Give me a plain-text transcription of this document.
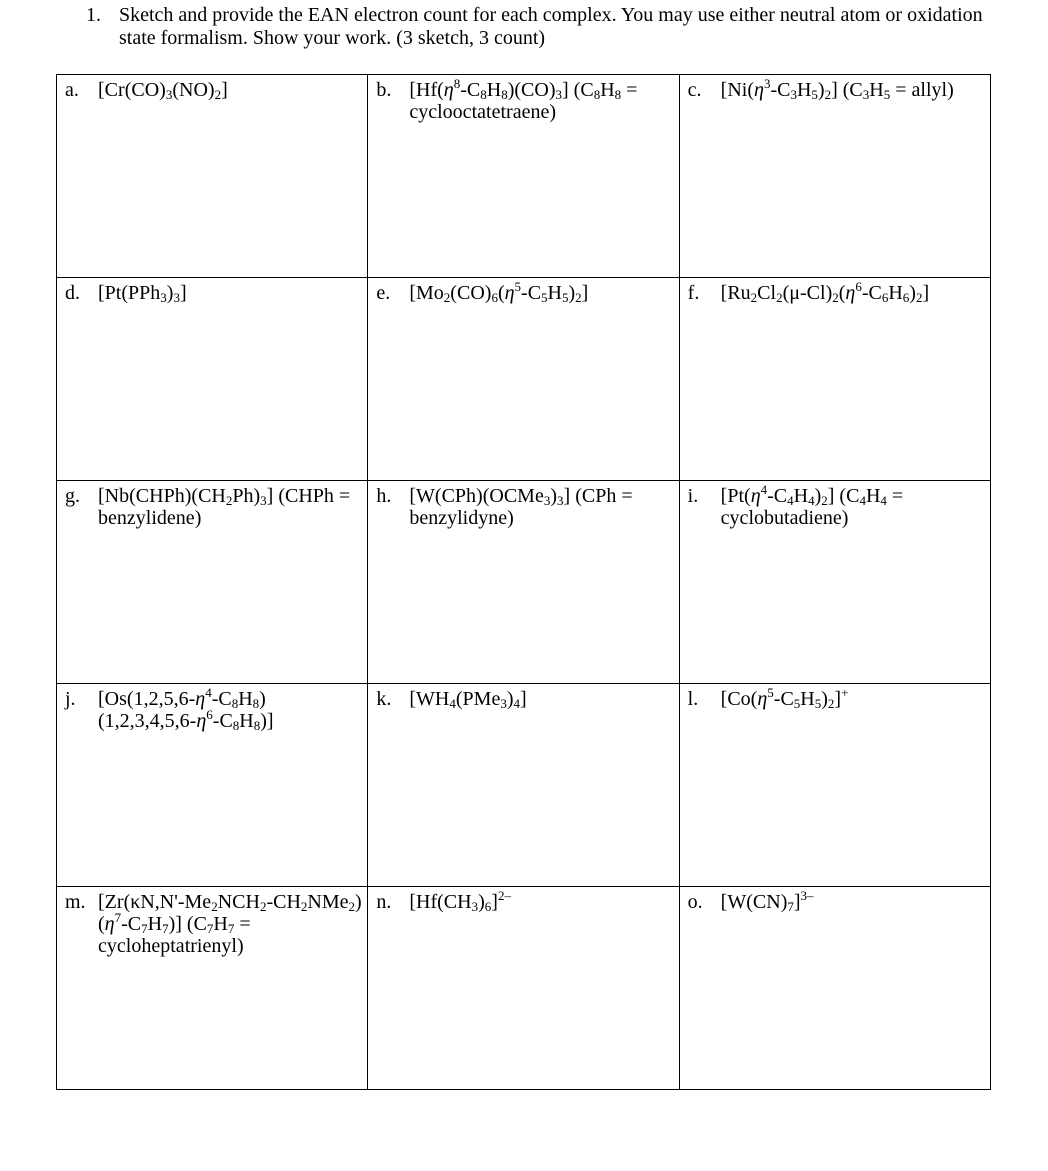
1. Sketch and provide the EAN electron count for each complex. You may use either neutral atom or oxidation state formalism. Show your work. (3 sketch, 3 count)
a. $[Cr(CO)_3(NO)_2]$	b. $[Hf(\eta^8-C_8H_8)(CO)_3] (C_8H_8$ = cyclooctatetraene)	c. $[Ni(\eta^3-C_3H_5)_2] (C_3H_5$ = allyl)

d. $[Pt(PPh_3)_3]$	e. $[Mo_2(CO)_6(\eta^5-C_5H_5)_2]$	f. $[Ru_2Cl_2(\mu-Cl)_2(\eta^6-C_6H_6)_2]$

g. $[Nb(CHPh)(CH_2Ph)_3]$ (CHPh = benzylidene)	h. $[W(CPh)(OCMe_3)_3] (CPh$ = benzylidyne)	i. $[Pt(\eta^4-C_4H_4)_2] (C_4H_4$ = cyclobutadiene)

j. $[Os(1,2,5,6-\eta^4-C_8H_8)(1,2,3,4,5,6-\eta^6-C_8H_8)]$	k. $[WH_4(PMe_3)_4]$	l. $[Co(\eta^5-C_5H_5)_2]^+$

m. $[Zr(\kappa N,N'-Me_2NCH_2-CH_2NMe_2)(\eta^7-C_7H_7)] (C_7H_7$ = cycloheptatrienyl)	n. $[Hf(CH_3)_6]^{2-}$	o. $[W(CN)_7]^{3-}$
